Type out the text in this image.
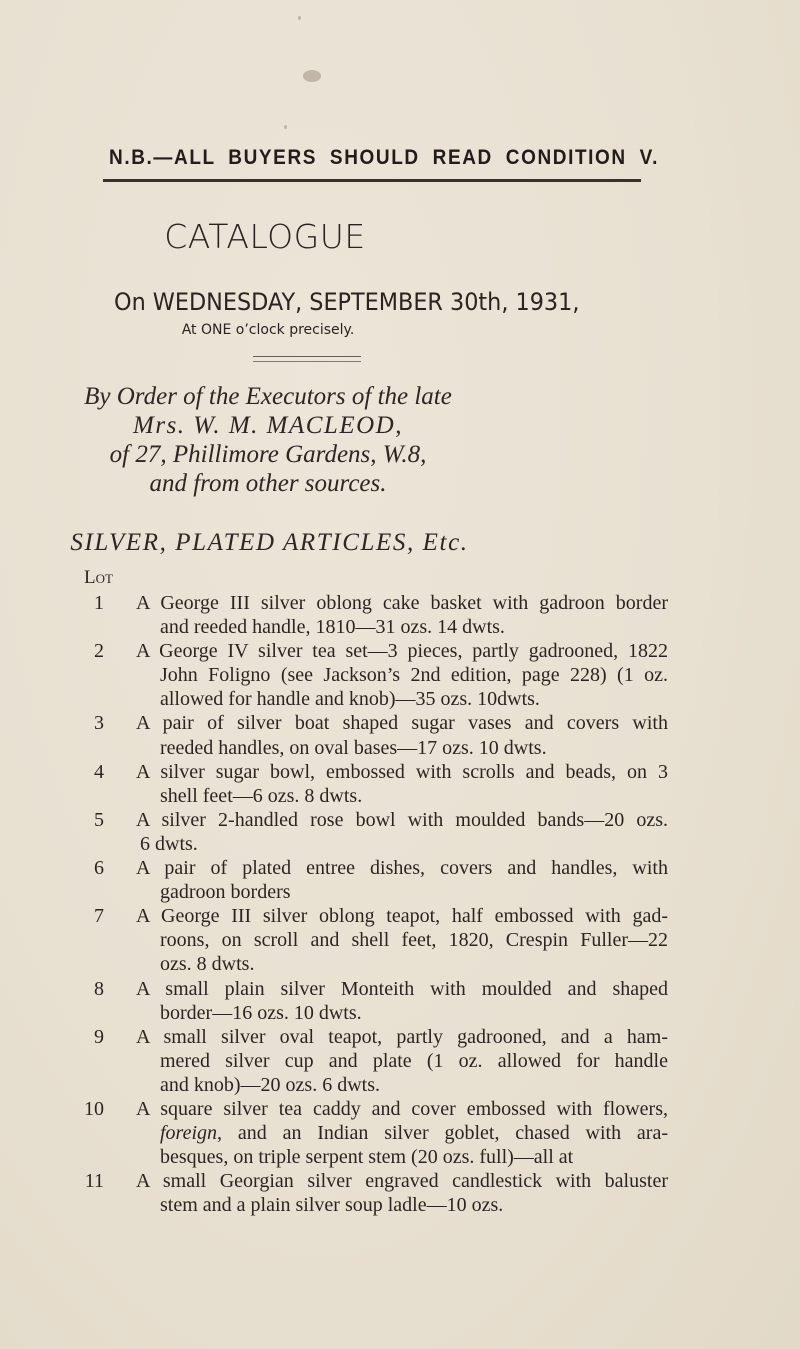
N.B.—ALL BUYERS SHOULD READ CONDITION V.
CATALOGUE
On WEDNESDAY, SEPTEMBER 30th, 1931,
At ONE o’clock precisely.
By Order of the Executors of the late
Mrs. W. M. MACLEOD,
of 27, Phillimore Gardens, W.8,
and from other sources.
SILVER, PLATED ARTICLES, Etc.
Lot
1 A George III silver oblong cake basket with gadroon border
and reeded handle, 1810—31 ozs. 14 dwts.
2 A George IV silver tea set—3 pieces, partly gadrooned, 1822
John Foligno (see Jackson’s 2nd edition, page 228) (1 oz.
allowed for handle and knob)—35 ozs. 10dwts.
3 A pair of silver boat shaped sugar vases and covers with
reeded handles, on oval bases—17 ozs. 10 dwts.
4 A silver sugar bowl, embossed with scrolls and beads, on 3
shell feet—6 ozs. 8 dwts.
5 A silver 2-handled rose bowl with moulded bands—20 ozs.
6 dwts.
6 A pair of plated entree dishes, covers and handles, with
gadroon borders
7 A George III silver oblong teapot, half embossed with gad-
roons, on scroll and shell feet, 1820, Crespin Fuller—22
ozs. 8 dwts.
8 A small plain silver Monteith with moulded and shaped
border—16 ozs. 10 dwts.
9 A small silver oval teapot, partly gadrooned, and a ham-
mered silver cup and plate (1 oz. allowed for handle
and knob)—20 ozs. 6 dwts.
10 A square silver tea caddy and cover embossed with flowers,
foreign, and an Indian silver goblet, chased with ara-
besques, on triple serpent stem (20 ozs. full)—all at
11 A small Georgian silver engraved candlestick with baluster
stem and a plain silver soup ladle—10 ozs.
